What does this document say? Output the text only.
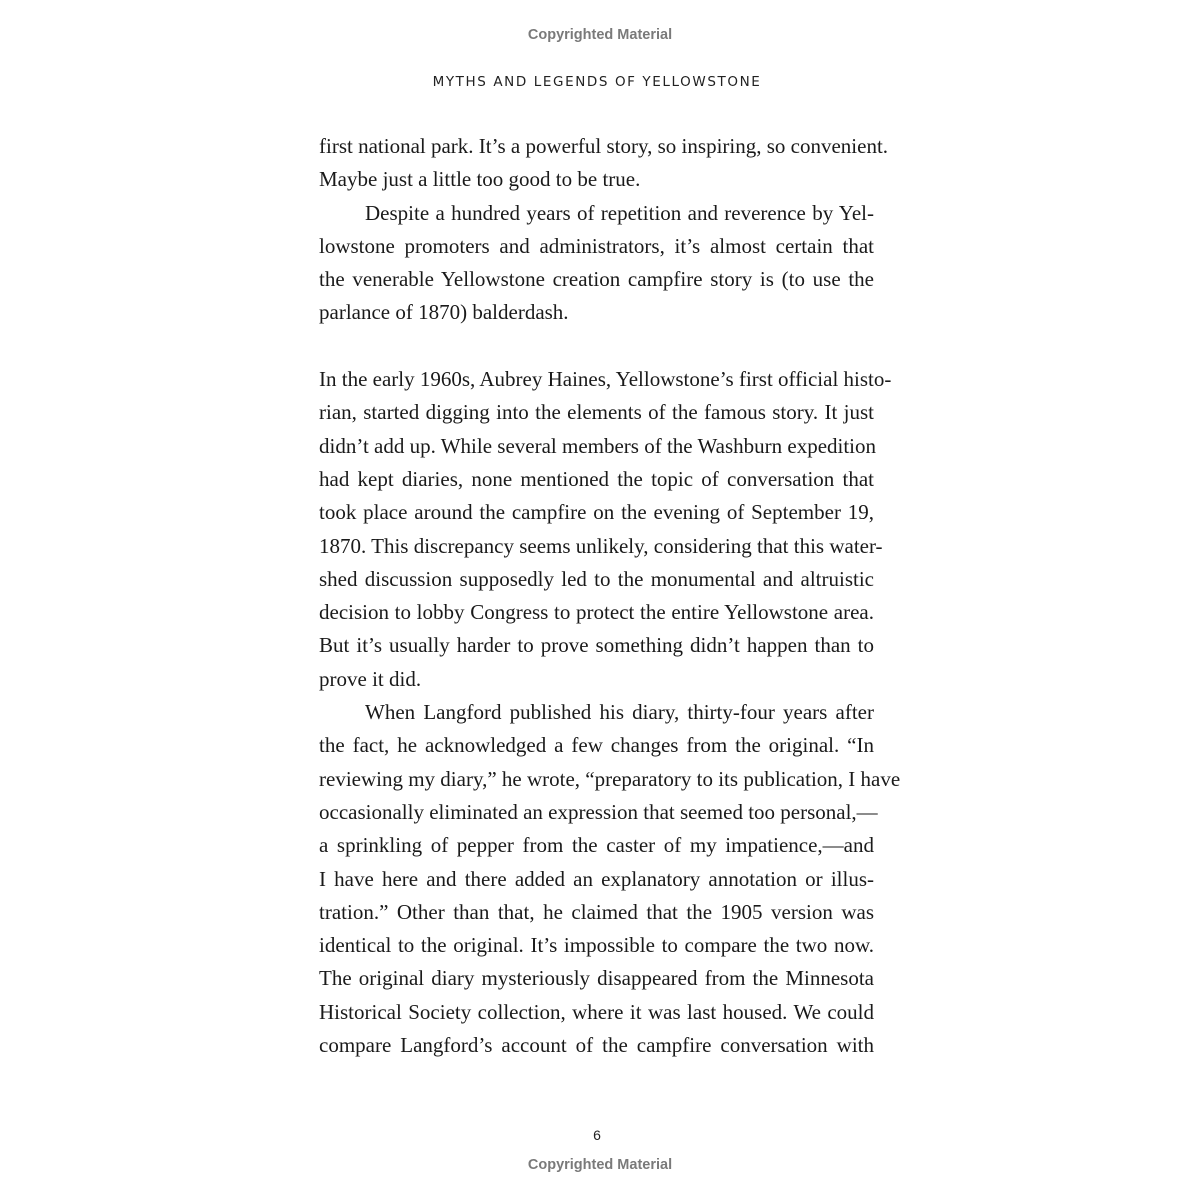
Copyrighted Material
MYTHS AND LEGENDS OF YELLOWSTONE
first national park. It’s a powerful story, so inspiring, so convenient.
Maybe just a little too good to be true.
Despite a hundred years of repetition and reverence by Yel-
lowstone promoters and administrators, it’s almost certain that
the venerable Yellowstone creation campfire story is (to use the
parlance of 1870) balderdash.
In the early 1960s, Aubrey Haines, Yellowstone’s first official histo-
rian, started digging into the elements of the famous story. It just
didn’t add up. While several members of the Washburn expedition
had kept diaries, none mentioned the topic of conversation that
took place around the campfire on the evening of September 19,
1870. This discrepancy seems unlikely, considering that this water-
shed discussion supposedly led to the monumental and altruistic
decision to lobby Congress to protect the entire Yellowstone area.
But it’s usually harder to prove something didn’t happen than to
prove it did.
When Langford published his diary, thirty-four years after
the fact, he acknowledged a few changes from the original. “In
reviewing my diary,” he wrote, “preparatory to its publication, I have
occasionally eliminated an expression that seemed too personal,—
a sprinkling of pepper from the caster of my impatience,—and
I have here and there added an explanatory annotation or illus-
tration.” Other than that, he claimed that the 1905 version was
identical to the original. It’s impossible to compare the two now.
The original diary mysteriously disappeared from the Minnesota
Historical Society collection, where it was last housed. We could
compare Langford’s account of the campfire conversation with
6
Copyrighted Material
